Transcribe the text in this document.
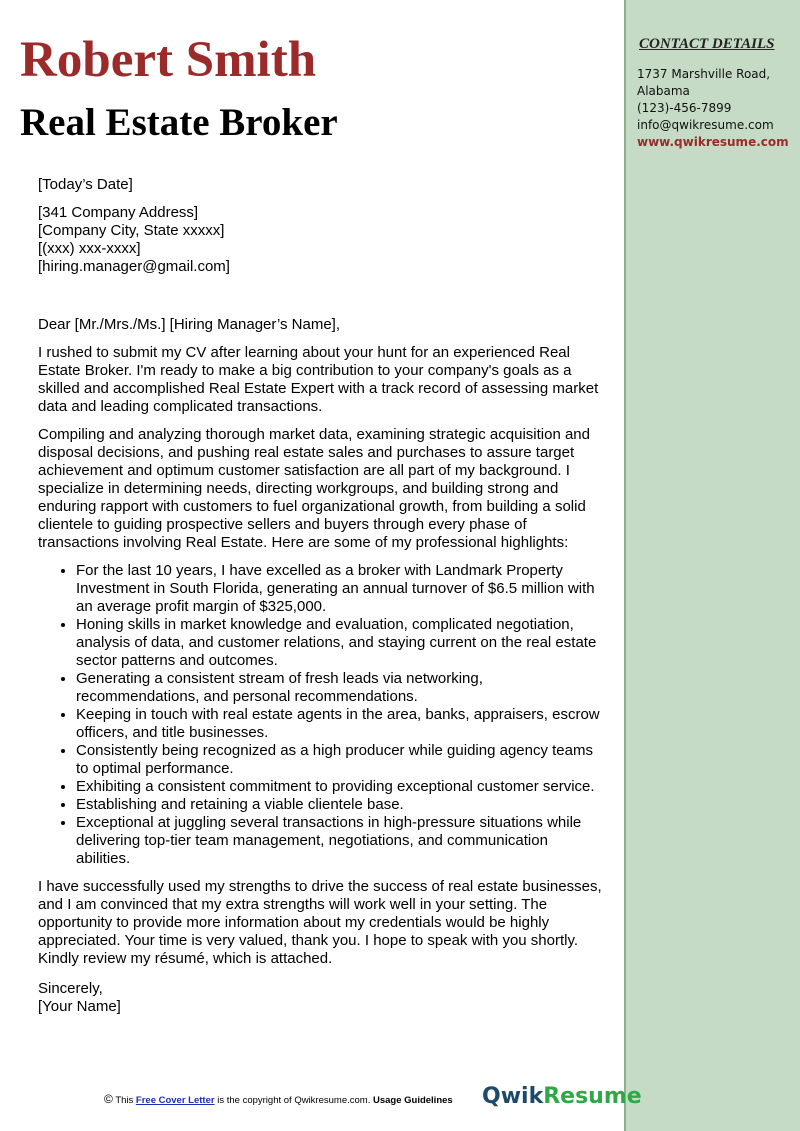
CONTACT DETAILS
1737 Marshville Road,
Alabama
(123)-456-7899
info@qwikresume.com
www.qwikresume.com
Robert Smith
Real Estate Broker

[Today’s Date]

[341 Company Address]

[Company City, State xxxxx]

[(xxx) xxx-xxxx]

[hiring.manager@gmail.com]

Dear [Mr./Mrs./Ms.] [Hiring Manager’s Name],

I rushed to submit my CV after learning about your hunt for an experienced Real Estate Broker. I'm ready to make a big contribution to your company's goals as a skilled and accomplished Real Estate Expert with a track record of assessing market data and leading complicated transactions.

Compiling and analyzing thorough market data, examining strategic acquisition and disposal decisions, and pushing real estate sales and purchases to assure target achievement and optimum customer satisfaction are all part of my background. I specialize in determining needs, directing workgroups, and building strong and enduring rapport with customers to fuel organizational growth, from building a solid clientele to guiding prospective sellers and buyers through every phase of transactions involving Real Estate. Here are some of my professional highlights:

• For the last 10 years, I have excelled as a broker with Landmark Property Investment in South Florida, generating an annual turnover of $6.5 million with an average profit margin of $325,000.
• Honing skills in market knowledge and evaluation, complicated negotiation, analysis of data, and customer relations, and staying current on the real estate sector patterns and outcomes.
• Generating a consistent stream of fresh leads via networking, recommendations, and personal recommendations.
• Keeping in touch with real estate agents in the area, banks, appraisers, escrow officers, and title businesses.
• Consistently being recognized as a high producer while guiding agency teams to optimal performance.
• Exhibiting a consistent commitment to providing exceptional customer service.
• Establishing and retaining a viable clientele base.
• Exceptional at juggling several transactions in high-pressure situations while delivering top-tier team management, negotiations, and communication abilities.

I have successfully used my strengths to drive the success of real estate businesses, and I am convinced that my extra strengths will work well in your setting. The opportunity to provide more information about my credentials would be highly appreciated. Your time is very valued, thank you. I hope to speak with you shortly. Kindly review my résumé, which is attached.

Sincerely,

[Your Name]

© This Free Cover Letter is the copyright of Qwikresume.com. Usage Guidelines QwikResume
